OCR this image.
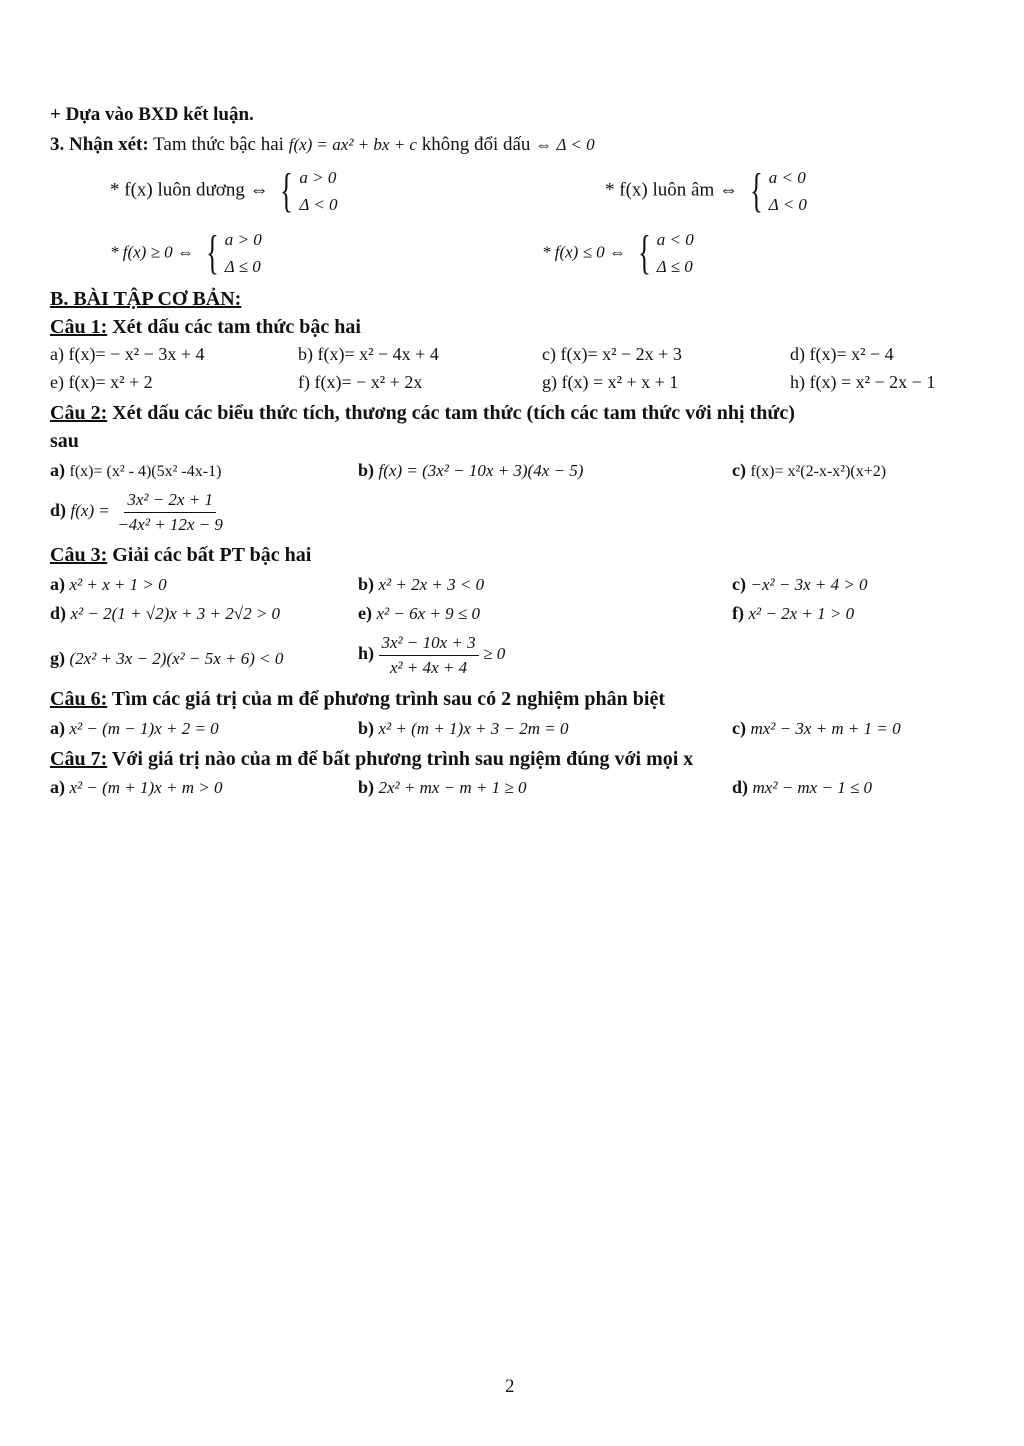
+ Dựa vào BXD kết luận.
3. Nhận xét: Tam thức bậc hai f(x) = ax² + bx + c không đổi dấu ⇔ Δ < 0
* f(x) luôn dương ⇔ { a > 0
Δ < 0
* f(x) luôn âm ⇔ { a < 0
Δ < 0
* f(x) ≥ 0 ⇔ { a > 0
Δ ≤ 0
* f(x) ≤ 0 ⇔ { a < 0
Δ ≤ 0
B. BÀI TẬP CƠ BẢN:
Câu 1: Xét dấu các tam thức bậc hai
a) f(x)= − x² − 3x + 4	b) f(x)= x² − 4x + 4	c) f(x)= x² − 2x + 3	d) f(x)= x² − 4
e) f(x)= x² + 2	f) f(x)= − x² + 2x	g) f(x) = x² + x + 1	h) f(x) = x² − 2x − 1
Câu 2: Xét dấu các biểu thức tích, thương các tam thức (tích các tam thức với nhị thức)
sau
a) f(x)= (x² - 4)(5x² -4x-1)	b) f(x) = (3x² − 10x + 3)(4x − 5)	c) f(x)= x²(2-x-x²)(x+2)
d) $f(x) = \frac{\text{3x² − 2x + 1}}{\text{−4x² + 12x − 9}}$
Câu 3: Giải các bất PT bậc hai
a) x² + x + 1 > 0	b) x² + 2x + 3 < 0	c) −x² − 3x + 4 > 0
d) x² − 2(1 + √2)x + 3 + 2√2 > 0	e) x² − 6x + 9 ≤ 0	f) x² − 2x + 1 > 0
g) (2x² + 3x − 2)(x² − 5x + 6) < 0	$h) \frac{\text{3x² − 10x + 3}}{\text{x² + 4x + 4}} \ge 0$
Câu 6: Tìm các giá trị của m để phương trình sau có 2 nghiệm phân biệt
a) x² − (m − 1)x + 2 = 0	b) x² + (m + 1)x + 3 − 2m = 0	c) mx² − 3x + m + 1 = 0
Câu 7: Với giá trị nào của m để bất phương trình sau ngiệm đúng với mọi x
a) x² − (m + 1)x + m > 0	b) 2x² + mx − m + 1 ≥ 0	d) mx² − mx − 1 ≤ 0
2
